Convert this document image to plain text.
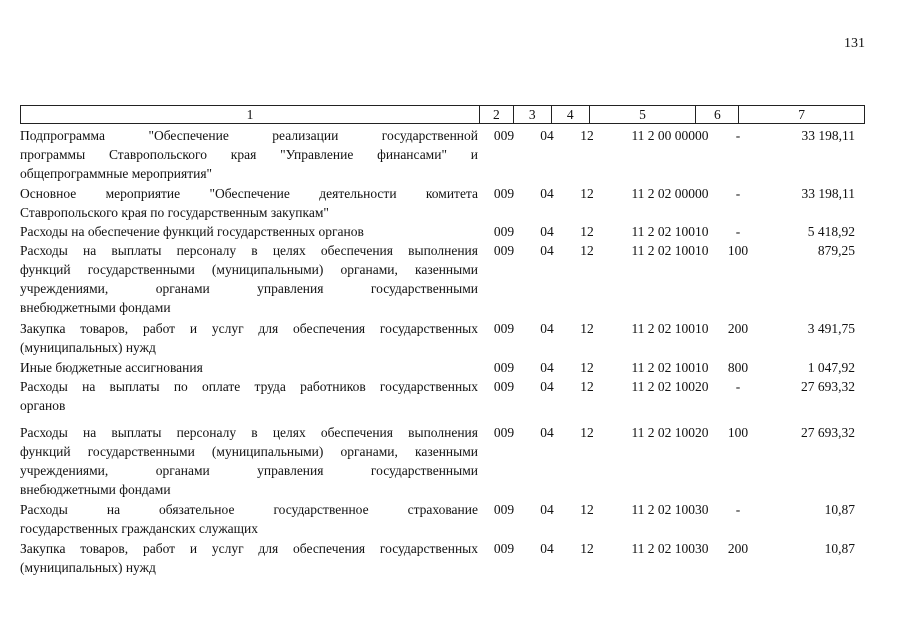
131
1	2	3	4	5	6	7
Подпрограмма "Обеспечение реализации государственной
программы Ставропольского края "Управление финансами" и
общепрограммные мероприятия"
009	04	12	11 2 00 00000	-	33 198,11
Основное мероприятие "Обеспечение деятельности комитета
Ставропольского края по государственным закупкам"
009	04	12	11 2 02 00000	-	33 198,11
Расходы на обеспечение функций государственных органов	009	04	12	11 2 02 10010	-	5 418,92
Расходы на выплаты персоналу в целях обеспечения выполнения
функций государственными (муниципальными) органами, казенными
учреждениями, органами управления государственными
внебюджетными фондами
009	04	12	11 2 02 10010	100	879,25
Закупка товаров, работ и услуг для обеспечения государственных
(муниципальных) нужд
009	04	12	11 2 02 10010	200	3 491,75
Иные бюджетные ассигнования	009	04	12	11 2 02 10010	800	1 047,92
Расходы на выплаты по оплате труда работников государственных
органов
009	04	12	11 2 02 10020	-	27 693,32
Расходы на выплаты персоналу в целях обеспечения выполнения
функций государственными (муниципальными) органами, казенными
учреждениями, органами управления государственными
внебюджетными фондами
009	04	12	11 2 02 10020	100	27 693,32
Расходы на обязательное государственное страхование
государственных гражданских служащих
009	04	12	11 2 02 10030	-	10,87
Закупка товаров, работ и услуг для обеспечения государственных
(муниципальных) нужд
009	04	12	11 2 02 10030	200	10,87
